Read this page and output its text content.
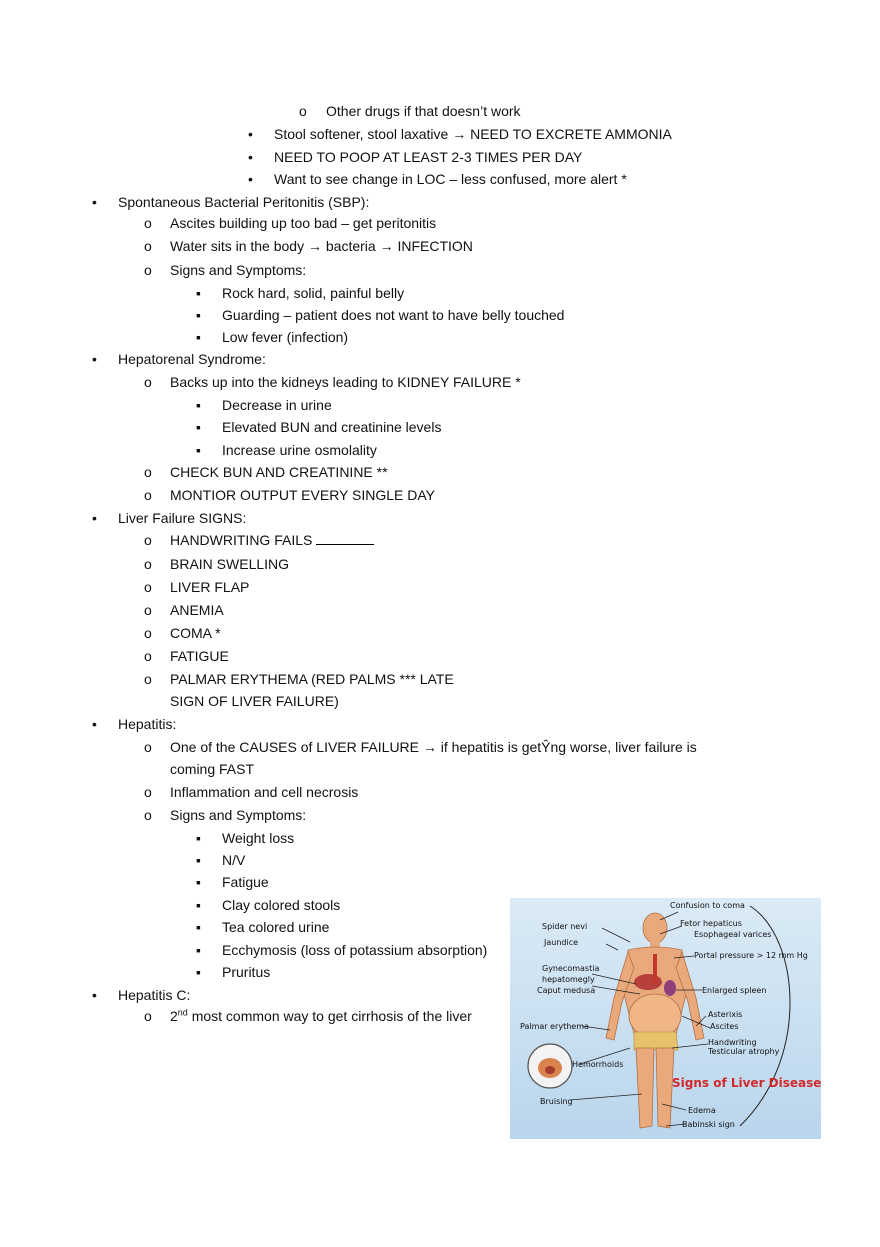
o Other drugs if that doesn’t work
• Stool softener, stool laxative → NEED TO EXCRETE AMMONIA
• NEED TO POOP AT LEAST 2-3 TIMES PER DAY
• Want to see change in LOC – less confused, more alert *
• Spontaneous Bacterial Peritonitis (SBP):
o Ascites building up too bad – get peritonitis
o Water sits in the body → bacteria → INFECTION
o Signs and Symptoms:
▪ Rock hard, solid, painful belly
▪ Guarding – patient does not want to have belly touched
▪ Low fever (infection)
• Hepatorenal Syndrome:
o Backs up into the kidneys leading to KIDNEY FAILURE *
▪ Decrease in urine
▪ Elevated BUN and creatinine levels
▪ Increase urine osmolality
o CHECK BUN AND CREATININE **
o MONTIOR OUTPUT EVERY SINGLE DAY
• Liver Failure SIGNS:
o HANDWRITING FAILS
o BRAIN SWELLING
o LIVER FLAP
o ANEMIA
o COMA *
o FATIGUE
o PALMAR ERYTHEMA (RED PALMS *** LATE
SIGN OF LIVER FAILURE)
• Hepatitis:
o One of the CAUSES of LIVER FAILURE → if hepatitis is getŶng worse, liver failure is
coming FAST
o Inflammation and cell necrosis
o Signs and Symptoms:
▪ Weight loss
▪ N/V
▪ Fatigue
▪ Clay colored stools
▪ Tea colored urine
▪ Ecchymosis (loss of potassium absorption)
▪ Pruritus
• Hepatitis C:
o 2nd most common way to get cirrhosis of the liver
Confusion to coma
Fetor hepaticus
Esophageal varices
Spider nevi
Jaundice
Portal pressure > 12 mm Hg
Gynecomastia
hepatomegly
Caput medusa	Enlarged spleen
Asterixis
Ascites
Palmar erythema
Handwriting
Testicular atrophy
Hemorrhoids
Bruising
Edema
Babinski sign
Signs of Liver Disease
